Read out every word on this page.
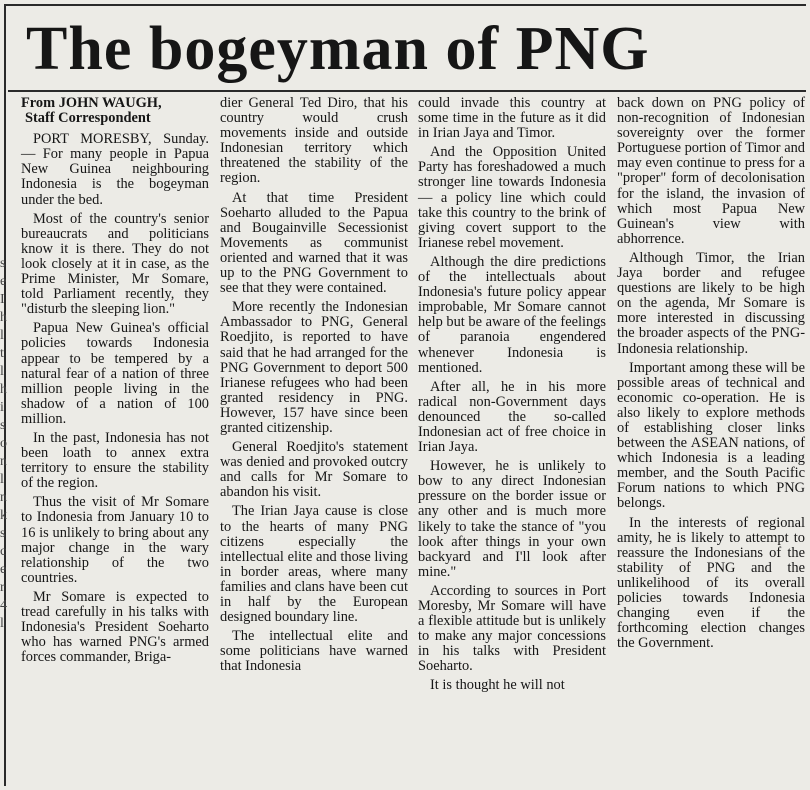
s
e
I
h
l
t
l
h
i
s
o
n
l
n
k
s
c
e
r
4
l
The bogeyman of PNG
From JOHN WAUGH,
Staff Correspondent

PORT MORESBY, Sunday. — For many people in Papua New Guinea neighbouring Indonesia is the bogeyman under the bed.

Most of the country's senior bureaucrats and politicians know it is there. They do not look closely at it in case, as the Prime Minister, Mr Somare, told Parliament recently, they "disturb the sleeping lion."

Papua New Guinea's official policies towards Indonesia appear to be tempered by a natural fear of a nation of three million people living in the shadow of a nation of 100 million.

In the past, Indonesia has not been loath to annex extra territory to ensure the stability of the region.

Thus the visit of Mr Somare to Indonesia from January 10 to 16 is unlikely to bring about any major change in the wary relationship of the two countries.

Mr Somare is expected to tread carefully in his talks with Indonesia's President Soeharto who has warned PNG's armed forces commander, Briga-

dier General Ted Diro, that his country would crush movements inside and outside Indonesian territory which threatened the stability of the region.

At that time President Soeharto alluded to the Papua and Bougainville Secessionist Movements as communist oriented and warned that it was up to the PNG Government to see that they were contained.

More recently the Indonesian Ambassador to PNG, General Roedjito, is reported to have said that he had arranged for the PNG Government to deport 500 Irianese refugees who had been granted residency in PNG. However, 157 have since been granted citizenship.

General Roedjito's statement was denied and provoked outcry and calls for Mr Somare to abandon his visit.

The Irian Jaya cause is close to the hearts of many PNG citizens especially the intellectual elite and those living in border areas, where many families and clans have been cut in half by the European designed boundary line.

The intellectual elite and some politicians have warned that Indonesia

could invade this country at some time in the future as it did in Irian Jaya and Timor.

And the Opposition United Party has foreshadowed a much stronger line towards Indonesia — a policy line which could take this country to the brink of giving covert support to the Irianese rebel movement.

Although the dire predictions of the intellectuals about Indonesia's future policy appear improbable, Mr Somare cannot help but be aware of the feelings of paranoia engendered whenever Indonesia is mentioned.

After all, he in his more radical non-Government days denounced the so-called Indonesian act of free choice in Irian Jaya.

However, he is unlikely to bow to any direct Indonesian pressure on the border issue or any other and is much more likely to take the stance of "you look after things in your own backyard and I'll look after mine."

According to sources in Port Moresby, Mr Somare will have a flexible attitude but is unlikely to make any major concessions in his talks with President Soeharto.

It is thought he will not

back down on PNG policy of non-recognition of Indonesian sovereignty over the former Portuguese portion of Timor and may even continue to press for a "proper" form of decolonisation for the island, the invasion of which most Papua New Guinean's view with abhorrence.

Although Timor, the Irian Jaya border and refugee questions are likely to be high on the agenda, Mr Somare is more interested in discussing the broader aspects of the PNG-Indonesia relationship.

Important among these will be possible areas of technical and economic co-operation. He is also likely to explore methods of establishing closer links between the ASEAN nations, of which Indonesia is a leading member, and the South Pacific Forum nations to which PNG belongs.

In the interests of regional amity, he is likely to attempt to reassure the Indonesians of the stability of PNG and the unlikelihood of its overall policies towards Indonesia changing even if the forthcoming election changes the Government.
